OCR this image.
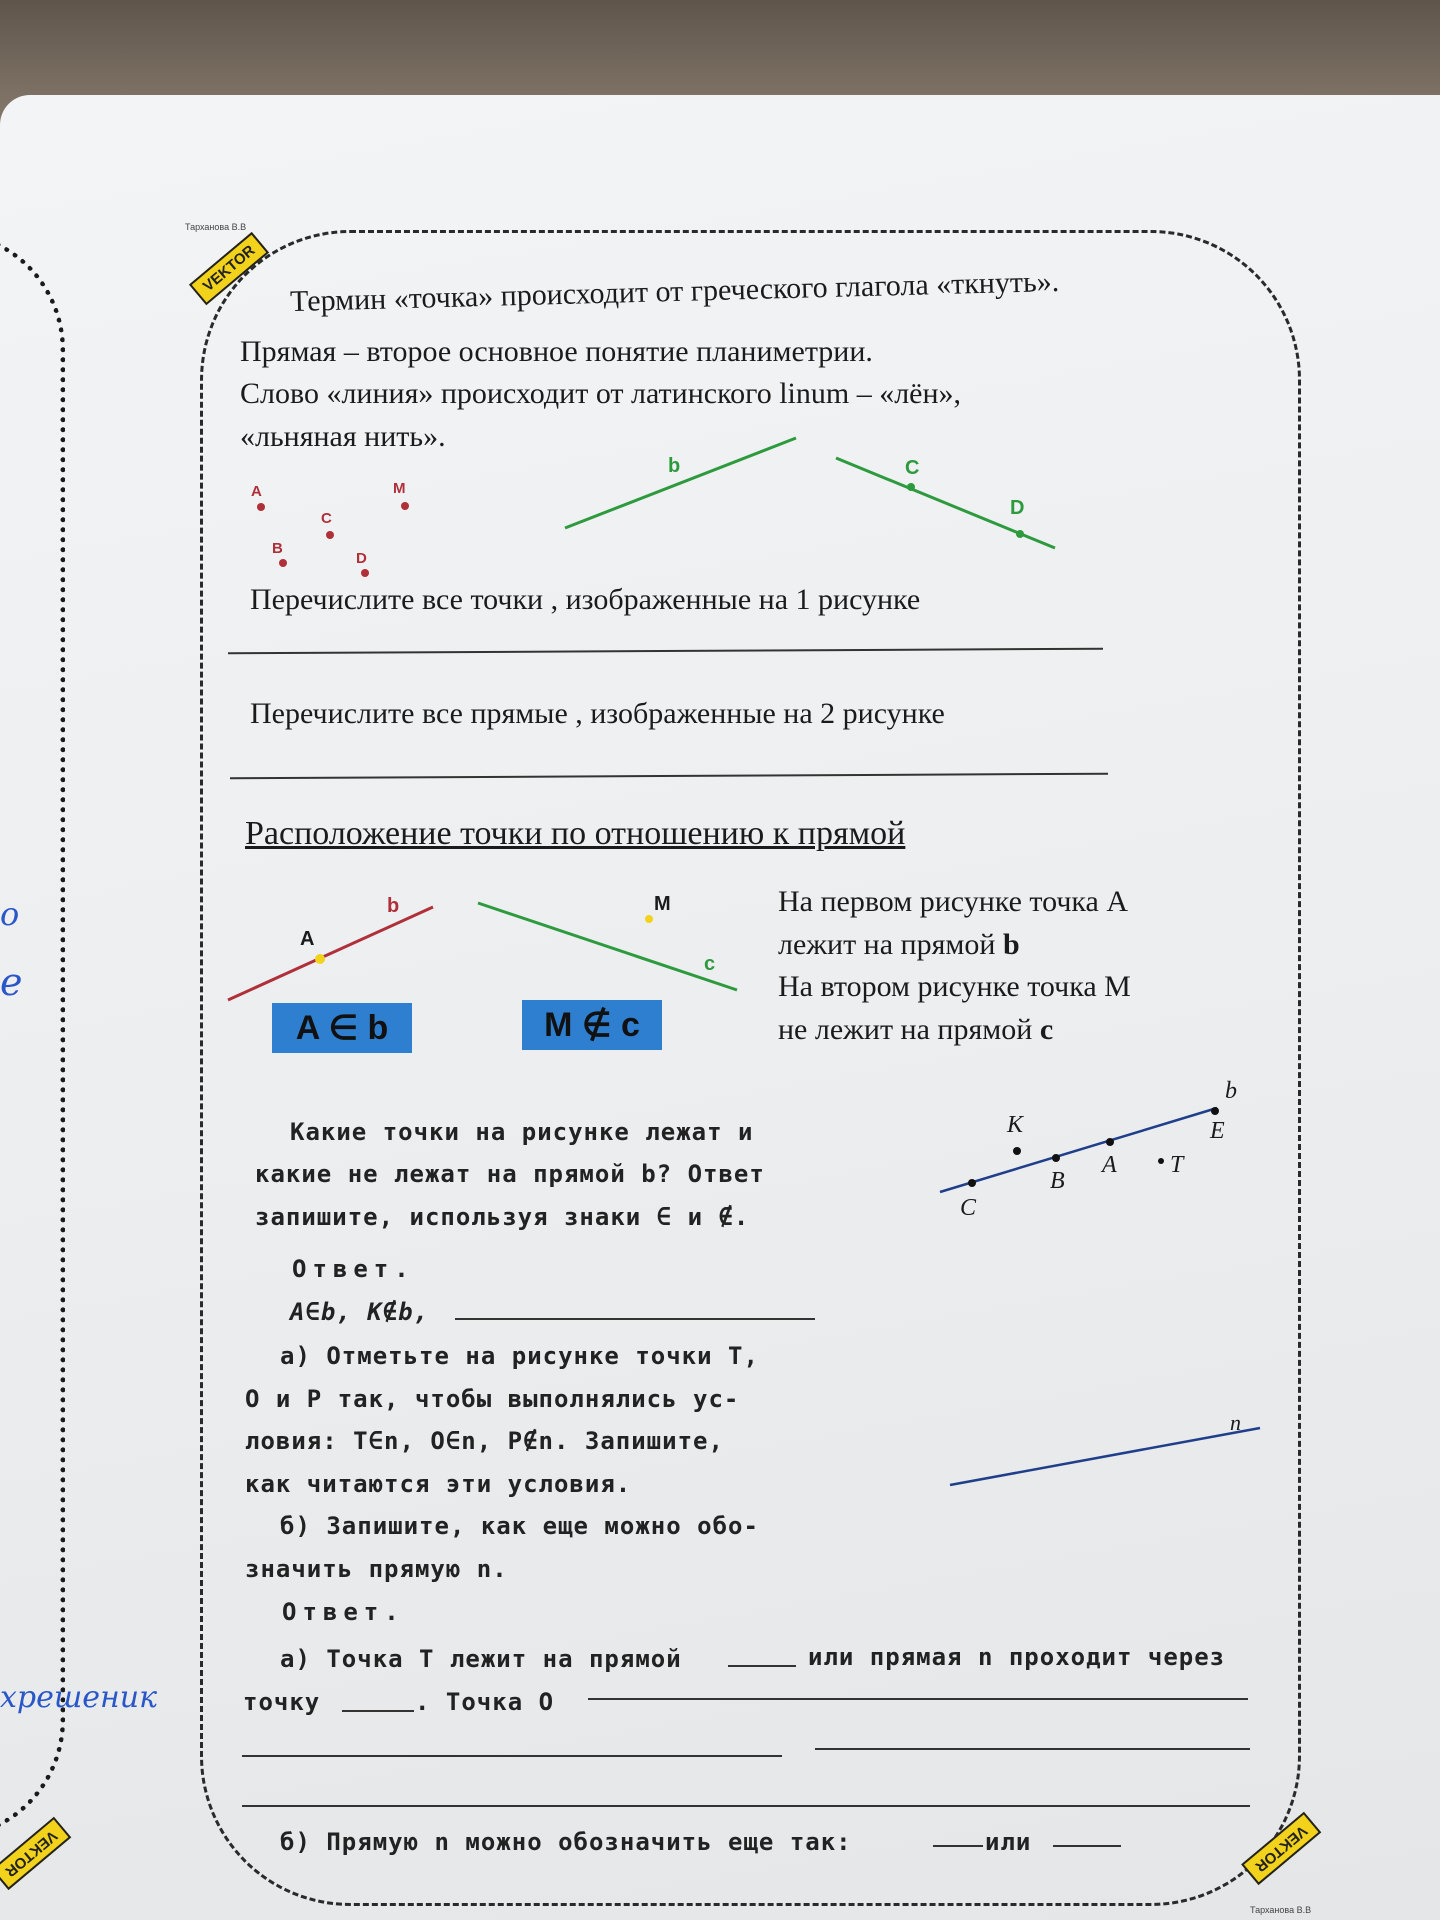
VEKTOR
Тарханова В.В
VEKTOR
Тарханова В.В
VEKTOR
Термин «точка» происходит от греческого глагола «ткнуть».
Прямая – второе основное понятие планиметрии.
Слово «линия» происходит от латинского linum – «лён»,
«льняная нить».
A	M
C
B
D
b	C
D
Перечислите все точки , изображенные на 1 рисунке
Перечислите все прямые , изображенные на 2 рисунке
Расположение точки по отношению к прямой
b
A
M
c
A ∈ b	M ∉ c
На первом рисунке точка А
лежит на прямой b
На втором рисунке точка М
не лежит на прямой с
Какие точки на рисунке лежат и
какие не лежат на прямой b? Ответ
запишите, используя знаки ∈ и ∉.
Ответ.
A∈b, K∉b,
а) Отметьте на рисунке точки T,
O и P так, чтобы выполнялись ус-
ловия: T∈n, O∈n, P∉n. Запишите,
как читаются эти условия.
б) Запишите, как еще можно обо-
значить прямую n.
Ответ.
а) Точка T лежит на прямой	или прямая n проходит через
точку	. Точка O
б) Прямую n можно обозначить еще так:	или
b
K	E
B
A T
C
n
о
е
хрешеник
